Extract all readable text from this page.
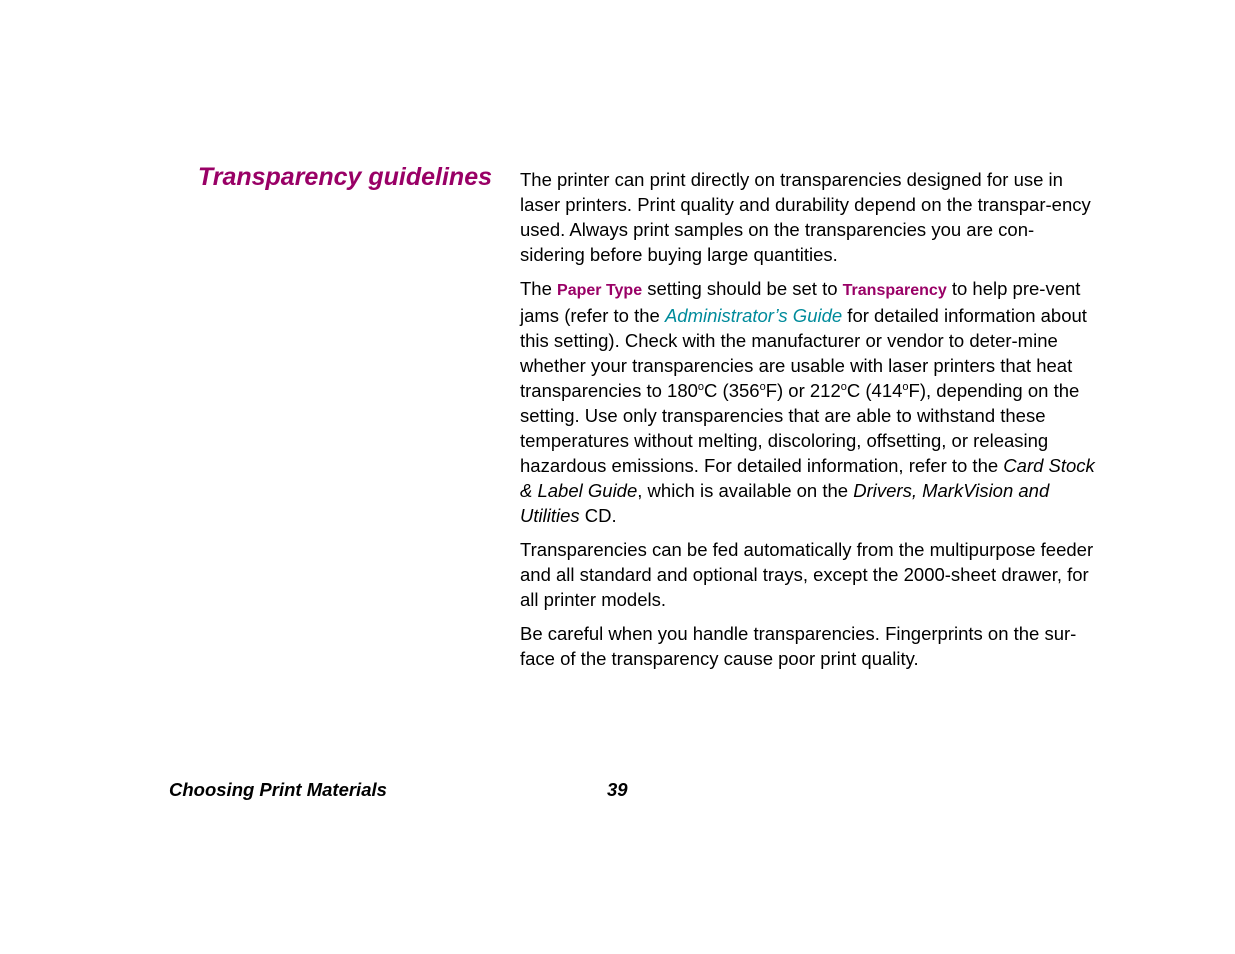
Transparency guidelines The printer can print directly on transparencies designed for use in laser printers. Print quality and durability depend on the transpar-ency used. Always print samples on the transparencies you are con-sidering before buying large quantities.

The Paper Type setting should be set to Transparency to help pre-vent jams (refer to the Administrator’s Guide for detailed information about this setting). Check with the manufacturer or vendor to deter-mine whether your transparencies are usable with laser printers that heat transparencies to 180$^o$C (356$^o$F) or 212$^o$C (414$^o$F), depending on the setting. Use only transparencies that are able to withstand these temperatures without melting, discoloring, offsetting, or releasing hazardous emissions. For detailed information, refer to the Card Stock & Label Guide, which is available on the Drivers, MarkVision and Utilities CD.

Transparencies can be fed automatically from the multipurpose feeder and all standard and optional trays, except the 2000-sheet drawer, for all printer models.

Be careful when you handle transparencies. Fingerprints on the sur-face of the transparency cause poor print quality.

Choosing Print Materials	39
